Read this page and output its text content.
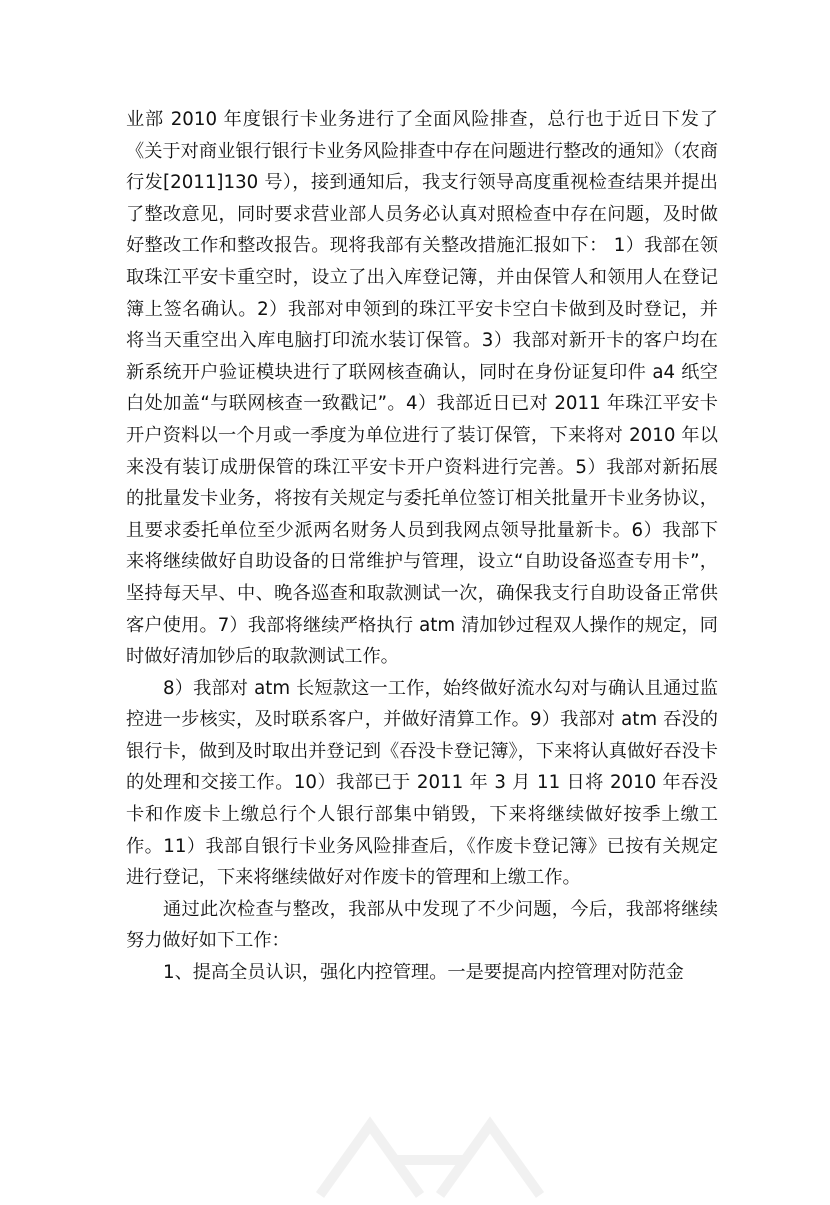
业部 2010 年度银行卡业务进行了全面风险排查，总行也于近日下发了《关于对商业银行银行卡业务风险排查中存在问题进行整改的通知》（农商行发[2011]130 号），接到通知后，我支行领导高度重视检查结果并提出了整改意见，同时要求营业部人员务必认真对照检查中存在问题，及时做好整改工作和整改报告。现将我部有关整改措施汇报如下： 1）我部在领取珠江平安卡重空时，设立了出入库登记簿，并由保管人和领用人在登记簿上签名确认。2）我部对申领到的珠江平安卡空白卡做到及时登记，并将当天重空出入库电脑打印流水装订保管。3）我部对新开卡的客户均在新系统开户验证模块进行了联网核查确认，同时在身份证复印件 a4 纸空白处加盖“与联网核查一致戳记”。4）我部近日已对 2011 年珠江平安卡开户资料以一个月或一季度为单位进行了装订保管，下来将对 2010 年以来没有装订成册保管的珠江平安卡开户资料进行完善。5）我部对新拓展的批量发卡业务，将按有关规定与委托单位签订相关批量开卡业务协议，且要求委托单位至少派两名财务人员到我网点领导批量新卡。6）我部下来将继续做好自助设备的日常维护与管理，设立“自助设备巡查专用卡”，坚持每天早、中、晚各巡查和取款测试一次，确保我支行自助设备正常供客户使用。7）我部将继续严格执行 atm 清加钞过程双人操作的规定，同时做好清加钞后的取款测试工作。

8）我部对 atm 长短款这一工作，始终做好流水勾对与确认且通过监控进一步核实，及时联系客户，并做好清算工作。9）我部对 atm 吞没的银行卡，做到及时取出并登记到《吞没卡登记簿》，下来将认真做好吞没卡的处理和交接工作。10）我部已于 2011 年 3 月 11 日将 2010 年吞没卡和作废卡上缴总行个人银行部集中销毁，下来将继续做好按季上缴工作。11）我部自银行卡业务风险排查后，《作废卡登记簿》已按有关规定进行登记，下来将继续做好对作废卡的管理和上缴工作。

通过此次检查与整改，我部从中发现了不少问题，今后，我部将继续努力做好如下工作：

1、提高全员认识，强化内控管理。一是要提高内控管理对防范金
